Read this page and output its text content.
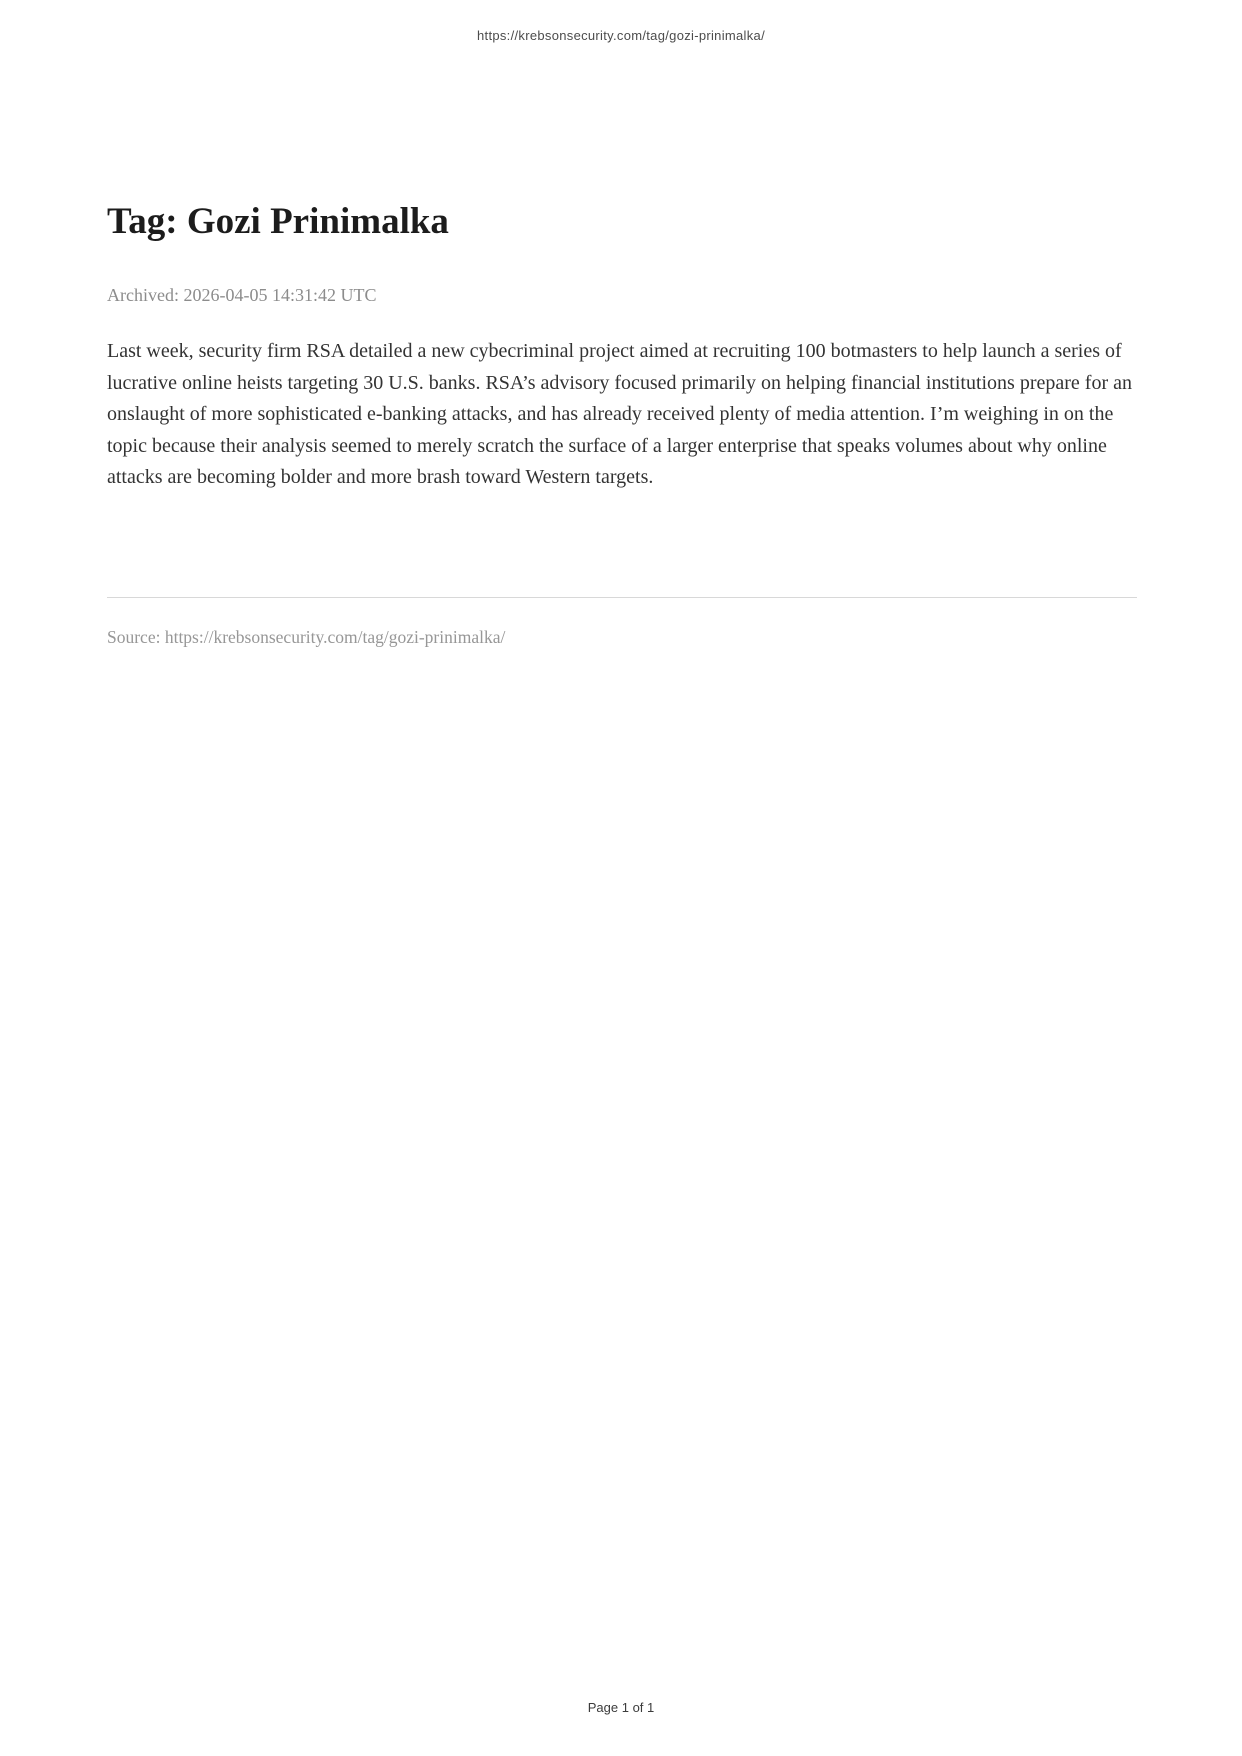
https://krebsonsecurity.com/tag/gozi-prinimalka/
Tag: Gozi Prinimalka
Archived: 2026-04-05 14:31:42 UTC

Last week, security firm RSA detailed a new cybecriminal project aimed at recruiting 100 botmasters to help launch a series of lucrative online heists targeting 30 U.S. banks. RSA’s advisory focused primarily on helping financial institutions prepare for an onslaught of more sophisticated e-banking attacks, and has already received plenty of media attention. I’m weighing in on the topic because their analysis seemed to merely scratch the surface of a larger enterprise that speaks volumes about why online attacks are becoming bolder and more brash toward Western targets.

Source: https://krebsonsecurity.com/tag/gozi-prinimalka/
Page 1 of 1
